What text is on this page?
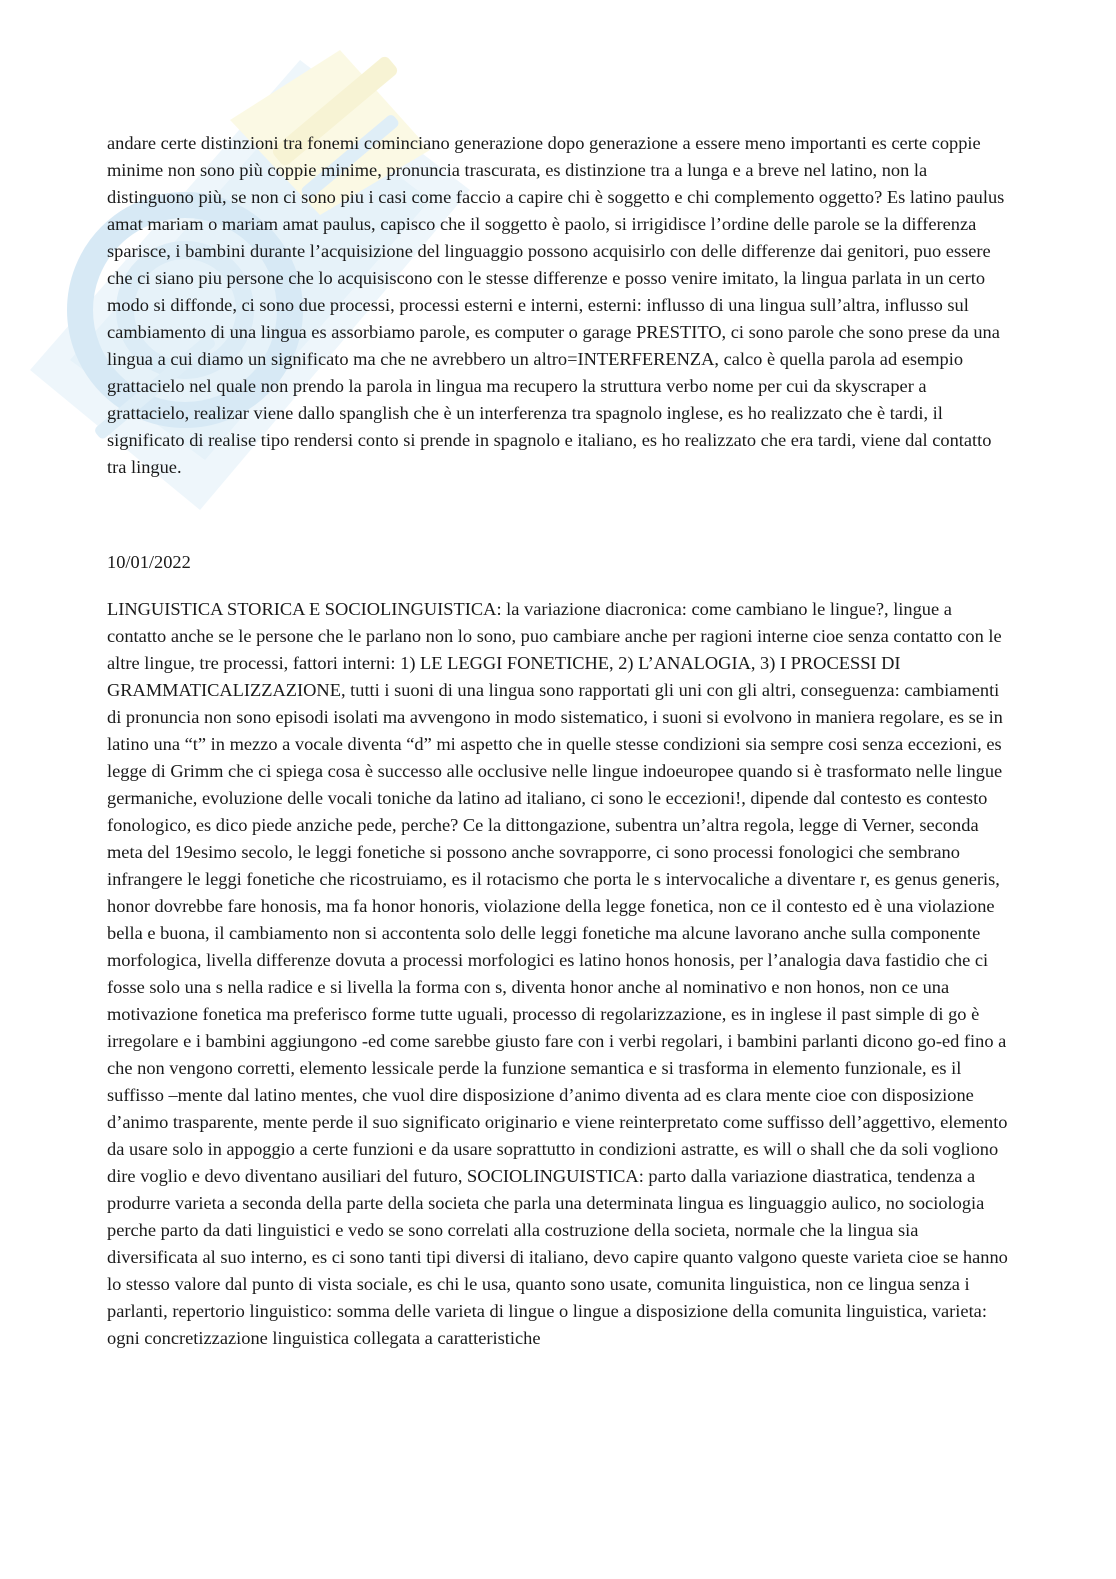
andare certe distinzioni tra fonemi cominciano generazione dopo generazione a essere meno importanti es certe coppie minime non sono più coppie minime, pronuncia trascurata, es distinzione tra a lunga e a breve nel latino, non la distinguono più, se non ci sono piu i casi come faccio a capire chi è soggetto e chi complemento oggetto? Es latino paulus amat mariam o mariam amat paulus, capisco che il soggetto è paolo, si irrigidisce l’ordine delle parole se la differenza sparisce, i bambini durante l’acquisizione del linguaggio possono acquisirlo con delle differenze dai genitori, puo essere che ci siano piu persone che lo acquisiscono con le stesse differenze e posso venire imitato, la lingua parlata in un certo modo si diffonde, ci sono due processi, processi esterni e interni, esterni: influsso di una lingua sull’altra, influsso sul cambiamento di una lingua es assorbiamo parole, es computer o garage PRESTITO, ci sono parole che sono prese da una lingua a cui diamo un significato ma che ne avrebbero un altro=INTERFERENZA, calco è quella parola ad esempio grattacielo nel quale non prendo la parola in lingua ma recupero la struttura verbo nome per cui da skyscraper a grattacielo, realizar viene dallo spanglish che è un interferenza tra spagnolo inglese, es ho realizzato che è tardi, il significato di realise tipo rendersi conto si prende in spagnolo e italiano, es ho realizzato che era tardi, viene dal contatto tra lingue.

10/01/2022

LINGUISTICA STORICA E SOCIOLINGUISTICA: la variazione diacronica: come cambiano le lingue?, lingue a contatto anche se le persone che le parlano non lo sono, puo cambiare anche per ragioni interne cioe senza contatto con le altre lingue, tre processi, fattori interni: 1) LE LEGGI FONETICHE, 2) L’ANALOGIA, 3) I PROCESSI DI GRAMMATICALIZZAZIONE, tutti i suoni di una lingua sono rapportati gli uni con gli altri, conseguenza: cambiamenti di pronuncia non sono episodi isolati ma avvengono in modo sistematico, i suoni si evolvono in maniera regolare, es se in latino una “t” in mezzo a vocale diventa “d” mi aspetto che in quelle stesse condizioni sia sempre cosi senza eccezioni, es legge di Grimm che ci spiega cosa è successo alle occlusive nelle lingue indoeuropee quando si è trasformato nelle lingue germaniche, evoluzione delle vocali toniche da latino ad italiano, ci sono le eccezioni!, dipende dal contesto es contesto fonologico, es dico piede anziche pede, perche? Ce la dittongazione, subentra un’altra regola, legge di Verner, seconda meta del 19esimo secolo, le leggi fonetiche si possono anche sovrapporre, ci sono processi fonologici che sembrano infrangere le leggi fonetiche che ricostruiamo, es il rotacismo che porta le s intervocaliche a diventare r, es genus generis, honor dovrebbe fare honosis, ma fa honor honoris, violazione della legge fonetica, non ce il contesto ed è una violazione bella e buona, il cambiamento non si accontenta solo delle leggi fonetiche ma alcune lavorano anche sulla componente morfologica, livella differenze dovuta a processi morfologici es latino honos honosis, per l’analogia dava fastidio che ci fosse solo una s nella radice e si livella la forma con s, diventa honor anche al nominativo e non honos, non ce una motivazione fonetica ma preferisco forme tutte uguali, processo di regolarizzazione, es in inglese il past simple di go è irregolare e i bambini aggiungono -ed come sarebbe giusto fare con i verbi regolari, i bambini parlanti dicono go-ed fino a che non vengono corretti, elemento lessicale perde la funzione semantica e si trasforma in elemento funzionale, es il suffisso –mente dal latino mentes, che vuol dire disposizione d’animo diventa ad es clara mente cioe con disposizione d’animo trasparente, mente perde il suo significato originario e viene reinterpretato come suffisso dell’aggettivo, elemento da usare solo in appoggio a certe funzioni e da usare soprattutto in condizioni astratte, es will o shall che da soli vogliono dire voglio e devo diventano ausiliari del futuro, SOCIOLINGUISTICA: parto dalla variazione diastratica, tendenza a produrre varieta a seconda della parte della societa che parla una determinata lingua es linguaggio aulico, no sociologia perche parto da dati linguistici e vedo se sono correlati alla costruzione della societa, normale che la lingua sia diversificata al suo interno, es ci sono tanti tipi diversi di italiano, devo capire quanto valgono queste varieta cioe se hanno lo stesso valore dal punto di vista sociale, es chi le usa, quanto sono usate, comunita linguistica, non ce lingua senza i parlanti, repertorio linguistico: somma delle varieta di lingue o lingue a disposizione della comunita linguistica, varieta: ogni concretizzazione linguistica collegata a caratteristiche
